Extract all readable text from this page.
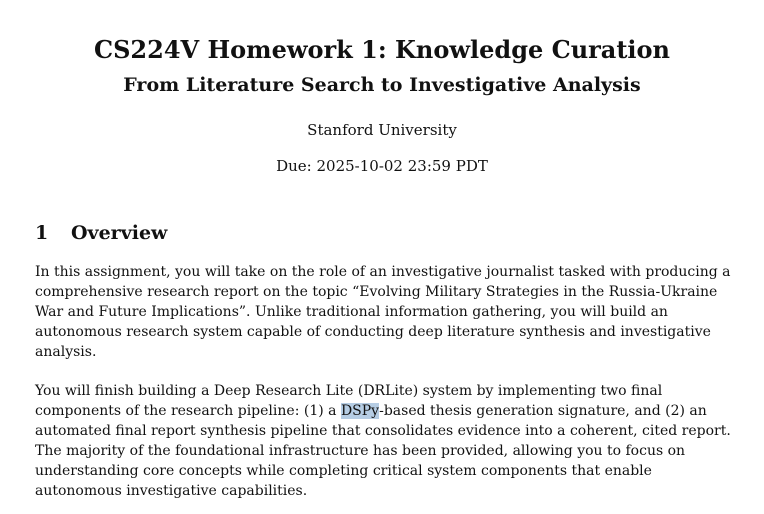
CS224V Homework 1: Knowledge Curation
From Literature Search to Investigative Analysis
Stanford University
Due: 2025-10-02 23:59 PDT
1 Overview

In this assignment, you will take on the role of an investigative journalist tasked with producing a
comprehensive research report on the topic “Evolving Military Strategies in the Russia-Ukraine
War and Future Implications”. Unlike traditional information gathering, you will build an
autonomous research system capable of conducting deep literature synthesis and investigative
analysis.

You will finish building a Deep Research Lite (DRLite) system by implementing two final
components of the research pipeline: (1) a DSPy-based thesis generation signature, and (2) an
automated final report synthesis pipeline that consolidates evidence into a coherent, cited report.
The majority of the foundational infrastructure has been provided, allowing you to focus on
understanding core concepts while completing critical system components that enable
autonomous investigative capabilities.
